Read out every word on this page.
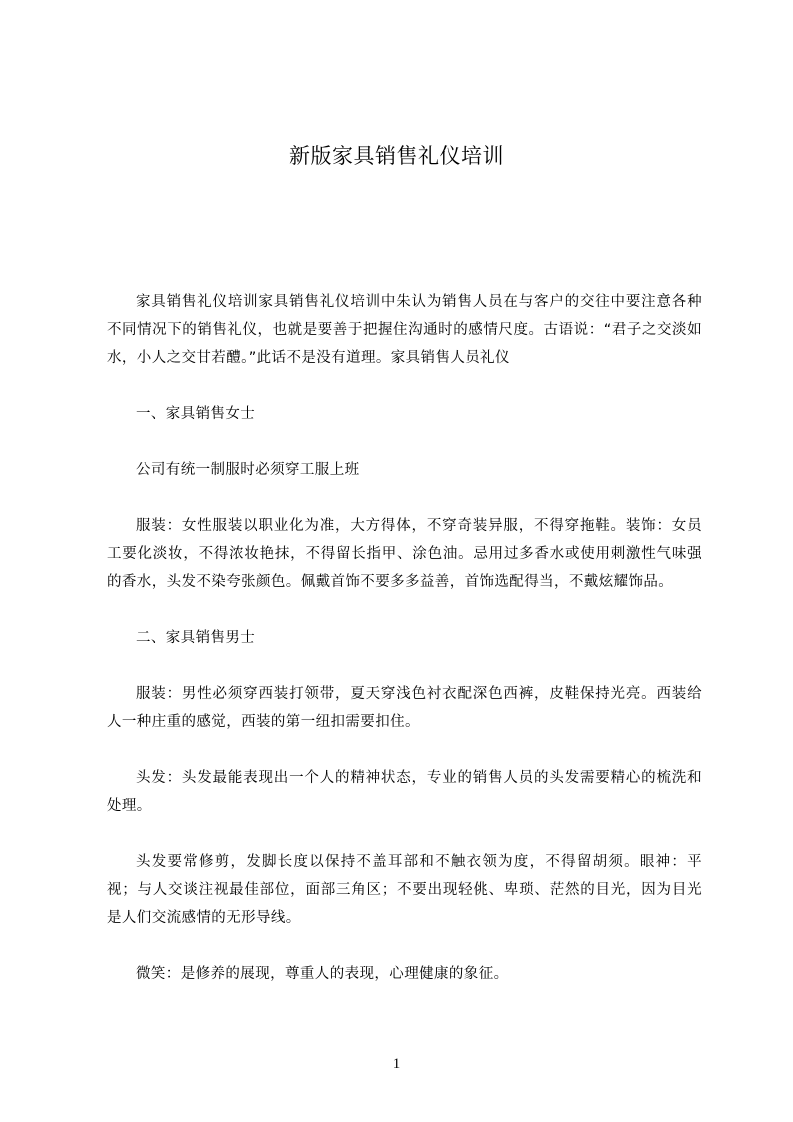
新版家具销售礼仪培训

家具销售礼仪培训家具销售礼仪培训中朱认为销售人员在与客户的交往中要注意各种不同情况下的销售礼仪，也就是要善于把握住沟通时的感情尺度。古语说：“君子之交淡如水，小人之交甘若醴。”此话不是没有道理。家具销售人员礼仪

一、家具销售女士

公司有统一制服时必须穿工服上班

服装：女性服装以职业化为准，大方得体，不穿奇装异服，不得穿拖鞋。装饰：女员工要化淡妆，不得浓妆艳抹，不得留长指甲、涂色油。忌用过多香水或使用刺激性气味强的香水，头发不染夸张颜色。佩戴首饰不要多多益善，首饰选配得当，不戴炫耀饰品。

二、家具销售男士

服装：男性必须穿西装打领带，夏天穿浅色衬衣配深色西裤，皮鞋保持光亮。西装给人一种庄重的感觉，西装的第一纽扣需要扣住。

头发：头发最能表现出一个人的精神状态，专业的销售人员的头发需要精心的梳洗和处理。

头发要常修剪，发脚长度以保持不盖耳部和不触衣领为度，不得留胡须。眼神：平视；与人交谈注视最佳部位，面部三角区；不要出现轻佻、卑琐、茫然的目光，因为目光是人们交流感情的无形导线。

微笑：是修养的展现，尊重人的表现，心理健康的象征。

1
